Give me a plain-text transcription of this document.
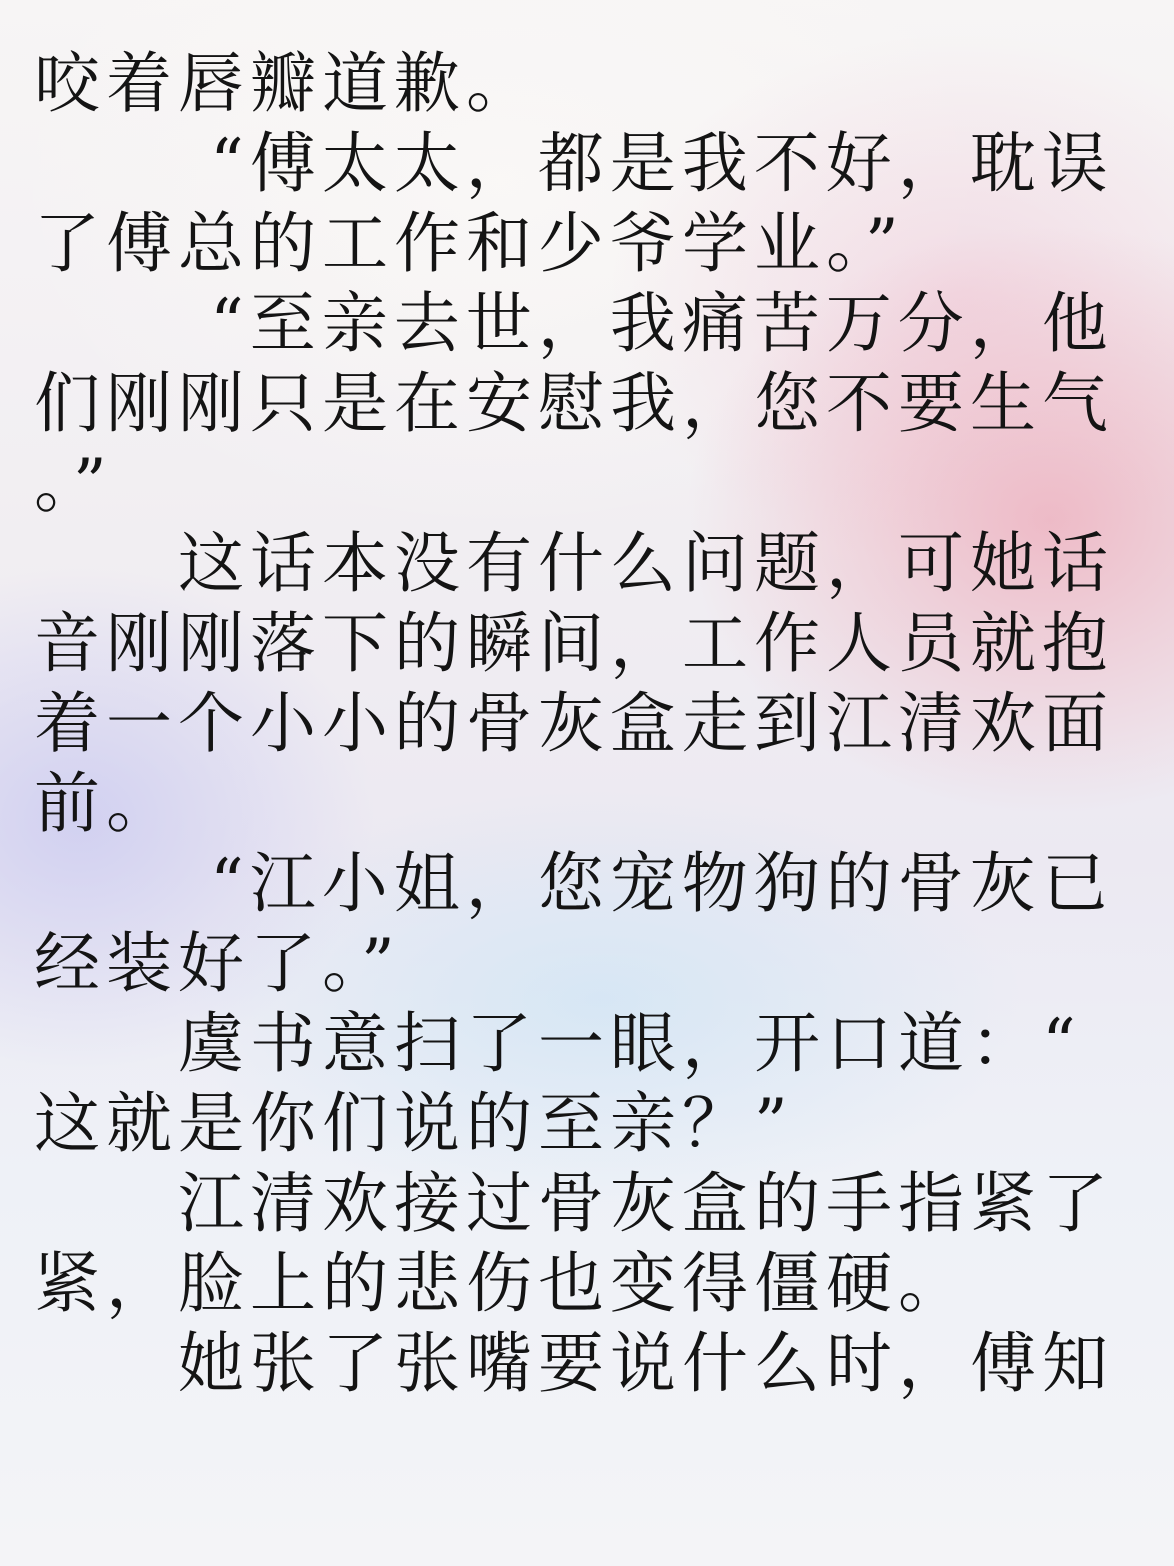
咬着唇瓣道歉。
“傅太太，都是我不好，耽误
了傅总的工作和少爷学业。”
“至亲去世，我痛苦万分，他
们刚刚只是在安慰我，您不要生气
。”
这话本没有什么问题，可她话
音刚刚落下的瞬间，工作人员就抱
着一个小小的骨灰盒走到江清欢面
前。
“江小姐，您宠物狗的骨灰已
经装好了。”
虞书意扫了一眼，开口道：“
这就是你们说的至亲？”
江清欢接过骨灰盒的手指紧了
紧，脸上的悲伤也变得僵硬。
她张了张嘴要说什么时，傅知
